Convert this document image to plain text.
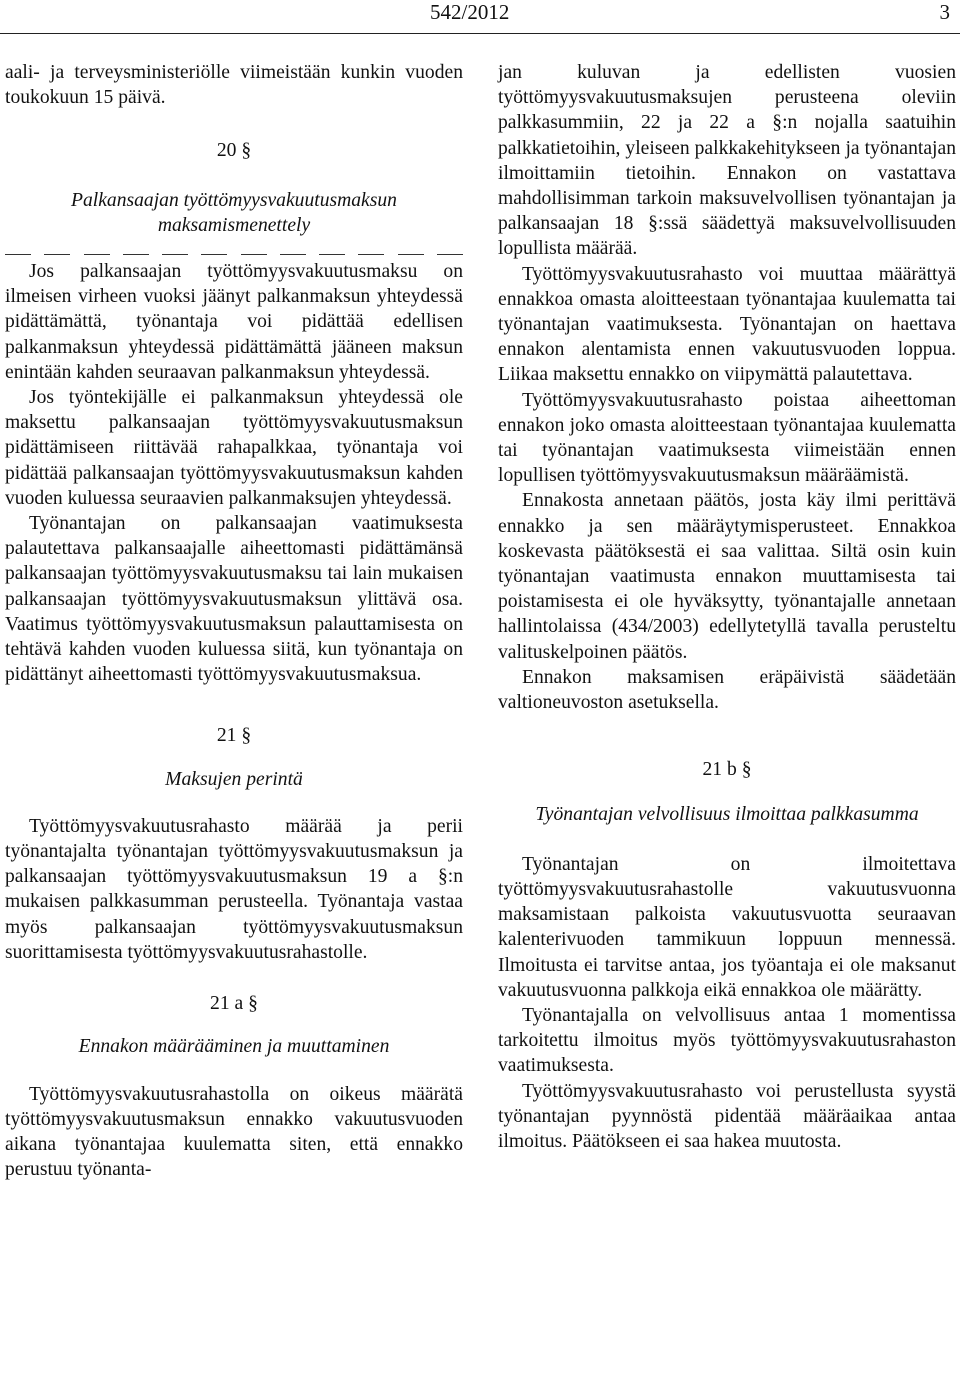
542/2012	3

aali- ja terveysministeriölle viimeistään kunkin vuoden toukokuun 15 päivä.

20 §
Palkansaajan työttömyysvakuutusmaksun maksamismenettely

Jos palkansaajan työttömyysvakuutusmaksu on ilmeisen virheen vuoksi jäänyt palkanmaksun yhteydessä pidättämättä, työnantaja voi pidättää edellisen palkanmaksun yhteydessä pidättämättä jääneen maksun enintään kahden seuraavan palkanmaksun yhteydessä.

Jos työntekijälle ei palkanmaksun yhteydessä ole maksettu palkansaajan työttömyysvakuutusmaksun pidättämiseen riittävää rahapalkkaa, työnantaja voi pidättää palkansaajan työttömyysvakuutusmaksun kahden vuoden kuluessa seuraavien palkanmaksujen yhteydessä.

Työnantajan on palkansaajan vaatimuksesta palautettava palkansaajalle aiheettomasti pidättämänsä palkansaajan työttömyysvakuutusmaksu tai lain mukaisen palkansaajan työttömyysvakuutusmaksun ylittävä osa. Vaatimus työttömyysvakuutusmaksun palauttamisesta on tehtävä kahden vuoden kuluessa siitä, kun työnantaja on pidättänyt aiheettomasti työttömyysvakuutusmaksua.

21 §
Maksujen perintä

Työttömyysvakuutusrahasto määrää ja perii työnantajalta työnantajan työttömyysvakuutusmaksun ja palkansaajan työttömyysvakuutusmaksun 19 a §:n mukaisen palkkasumman perusteella. Työnantaja vastaa myös palkansaajan työttömyysvakuutusmaksun suorittamisesta työttömyysvakuutusrahastolle.

21 a §
Ennakon määrääminen ja muuttaminen

Työttömyysvakuutusrahastolla on oikeus määrätä työttömyysvakuutusmaksun ennakko vakuutusvuoden aikana työnantajaa kuulematta siten, että ennakko perustuu työnanta-

jan kuluvan ja edellisten vuosien työttömyysvakuutusmaksujen perusteena oleviin palkkasummiin, 22 ja 22 a §:n nojalla saatuihin palkkatietoihin, yleiseen palkkakehitykseen ja työnantajan ilmoittamiin tietoihin. Ennakon on vastattava mahdollisimman tarkoin maksuvelvollisen työnantajan ja palkansaajan 18 §:ssä säädettyä maksuvelvollisuuden lopullista määrää.

Työttömyysvakuutusrahasto voi muuttaa määrättyä ennakkoa omasta aloitteestaan työnantajaa kuulematta tai työnantajan vaatimuksesta. Työnantajan on haettava ennakon alentamista ennen vakuutusvuoden loppua. Liikaa maksettu ennakko on viipymättä palautettava.

Työttömyysvakuutusrahasto poistaa aiheettoman ennakon joko omasta aloitteestaan työnantajaa kuulematta tai työnantajan vaatimuksesta viimeistään ennen lopullisen työttömyysvakuutusmaksun määräämistä.

Ennakosta annetaan päätös, josta käy ilmi perittävä ennakko ja sen määräytymisperusteet. Ennakkoa koskevasta päätöksestä ei saa valittaa. Siltä osin kuin työnantajan vaatimusta ennakon muuttamisesta tai poistamisesta ei ole hyväksytty, työnantajalle annetaan hallintolaissa (434/2003) edellytetyllä tavalla perusteltu valituskelpoinen päätös.

Ennakon maksamisen eräpäivistä säädetään valtioneuvoston asetuksella.

21 b §
Työnantajan velvollisuus ilmoittaa palkkasumma

Työnantajan on ilmoitettava työttömyysvakuutusrahastolle vakuutusvuonna maksamistaan palkoista vakuutusvuotta seuraavan kalenterivuoden tammikuun loppuun mennessä. Ilmoitusta ei tarvitse antaa, jos työantaja ei ole maksanut vakuutusvuonna palkkoja eikä ennakkoa ole määrätty.

Työnantajalla on velvollisuus antaa 1 momentissa tarkoitettu ilmoitus myös työttömyysvakuutusrahaston vaatimuksesta.

Työttömyysvakuutusrahasto voi perustellusta syystä työnantajan pyynnöstä pidentää määräaikaa antaa ilmoitus. Päätökseen ei saa hakea muutosta.
